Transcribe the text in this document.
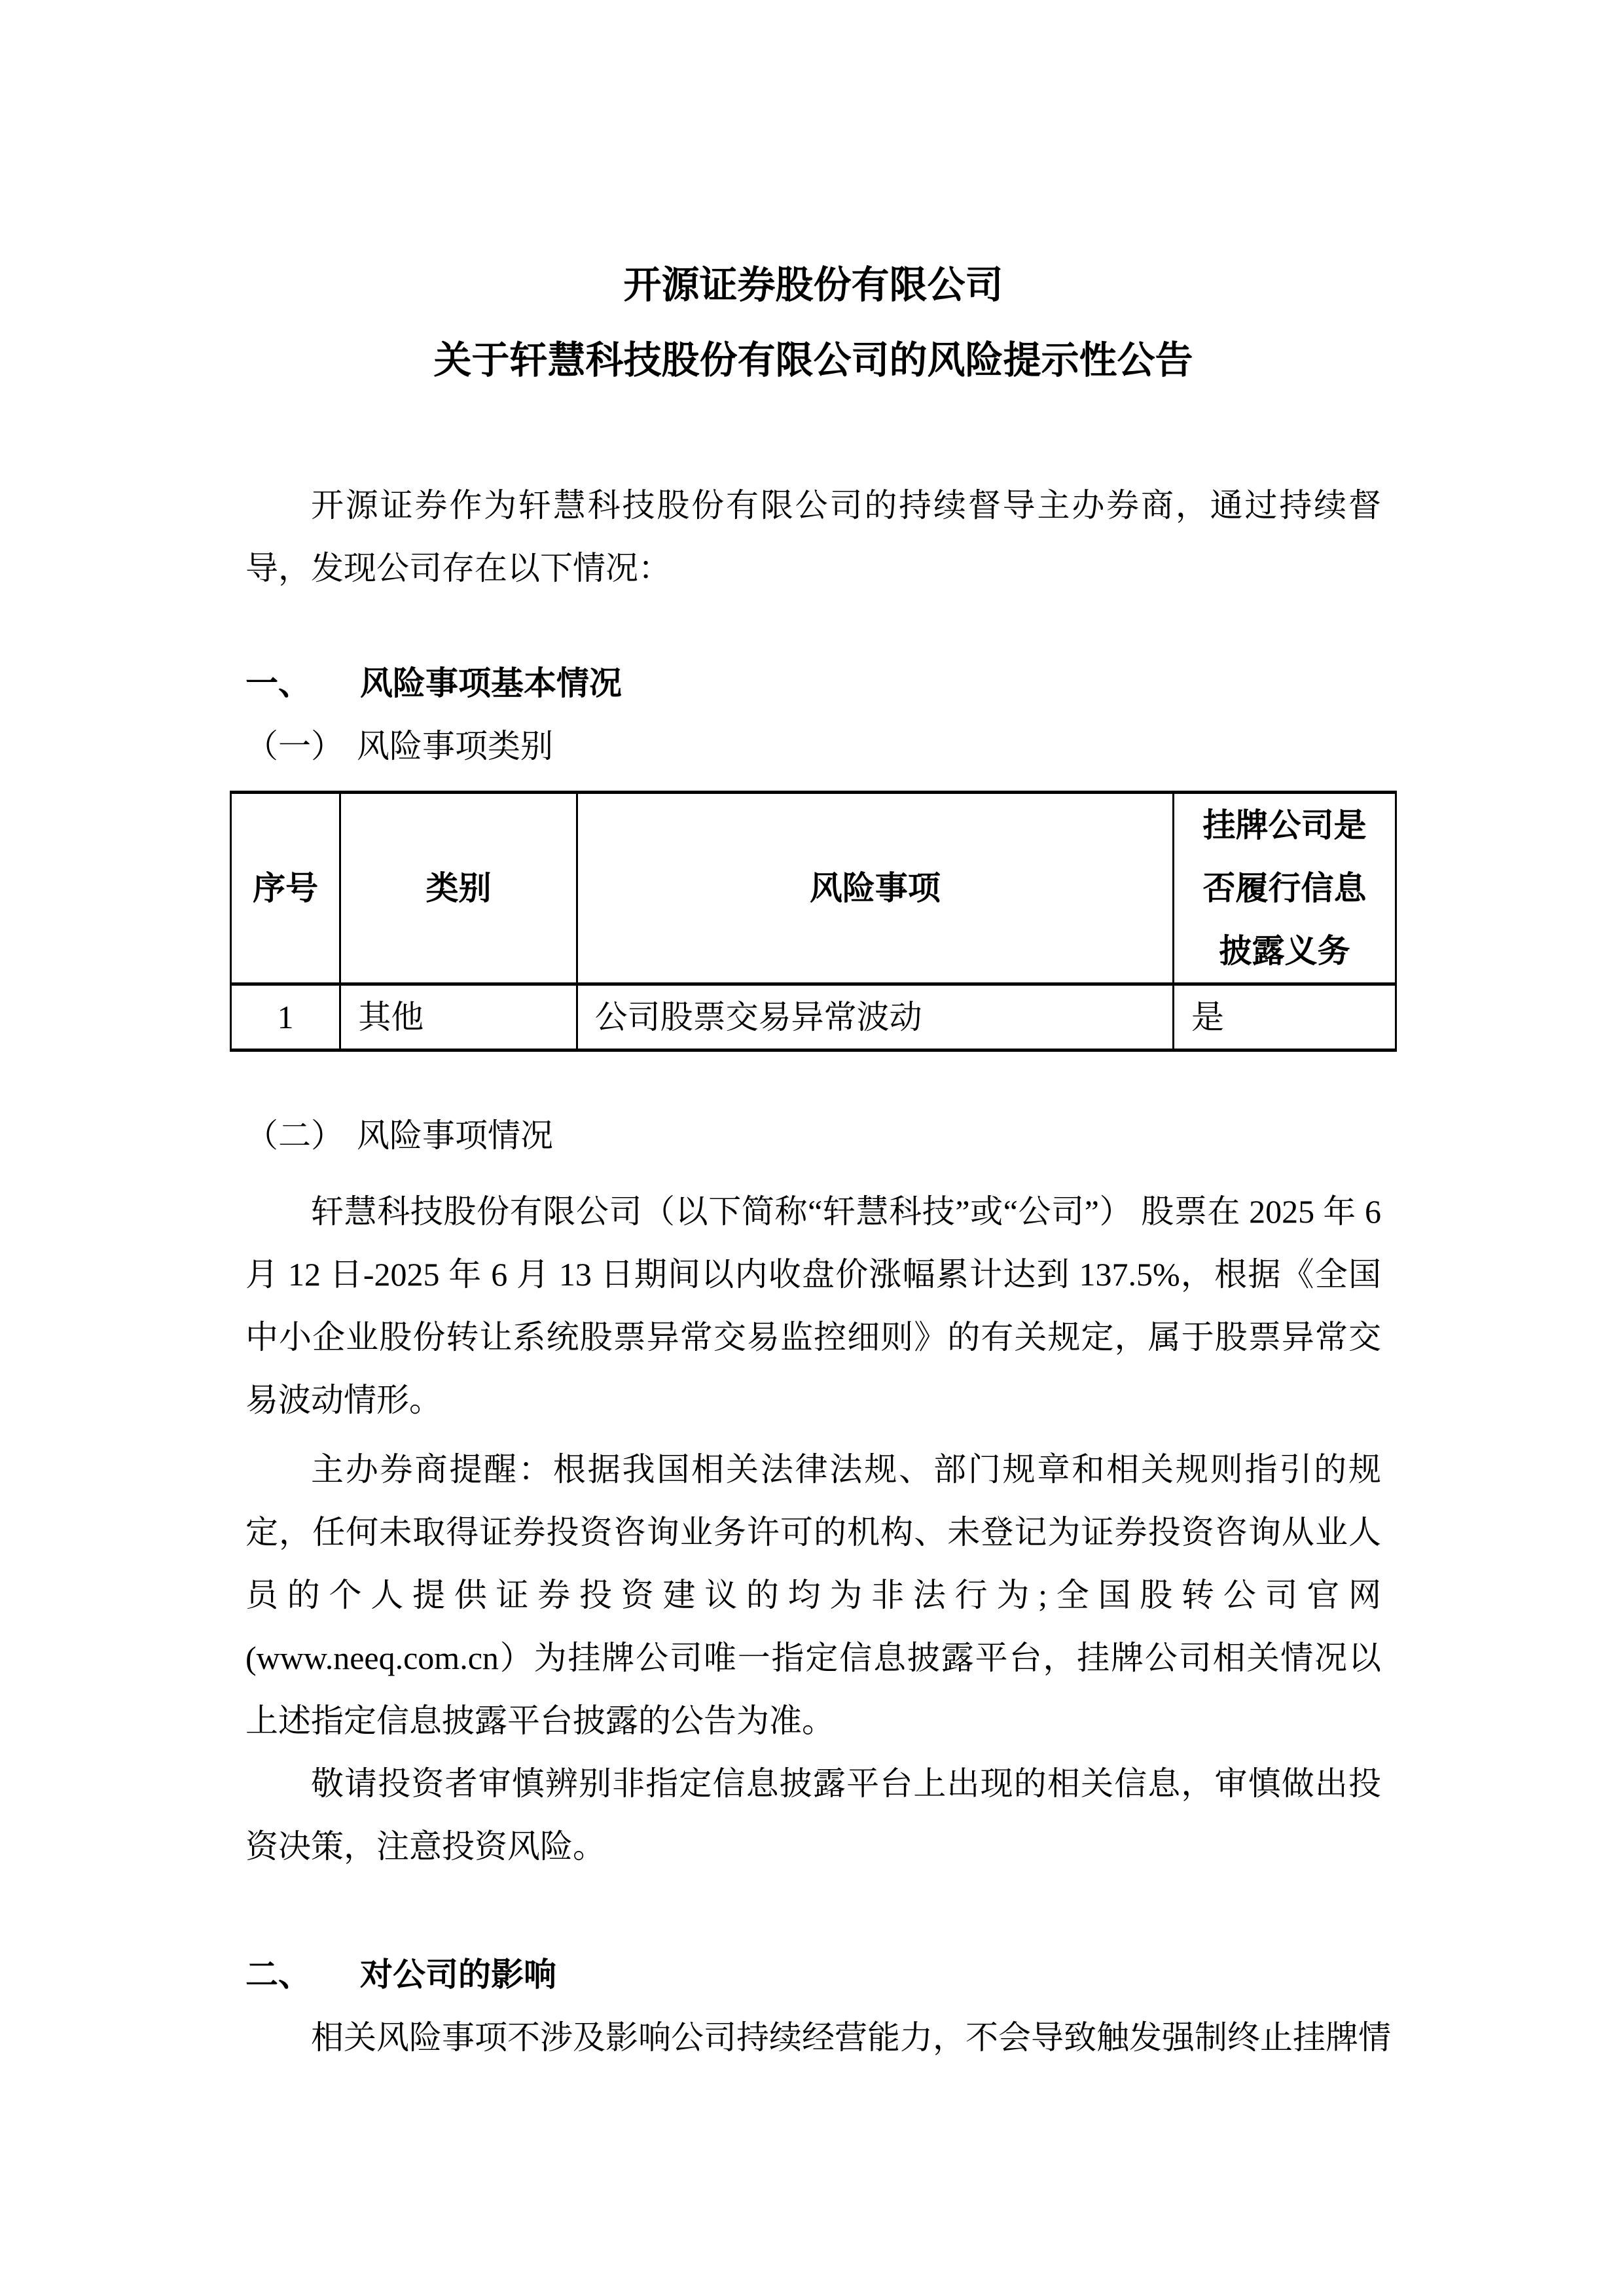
开源证券股份有限公司
关于轩慧科技股份有限公司的风险提示性公告

开源证券作为轩慧科技股份有限公司的持续督导主办券商，通过持续督导，发现公司存在以下情况：

一、 风险事项基本情况
（一） 风险事项类别
序号	类别	风险事项	挂牌公司是否履行信息披露义务
1	其他	公司股票交易异常波动	是
（二） 风险事项情况

轩慧科技股份有限公司（以下简称“轩慧科技”或“公司”） 股票在 2025 年 6 月 12 日-2025 年 6 月 13 日期间以内收盘价涨幅累计达到 137.5%，根据《全国中小企业股份转让系统股票异常交易监控细则》的有关规定，属于股票异常交易波动情形。

主办券商提醒：根据我国相关法律法规、部门规章和相关规则指引的规定，任何未取得证券投资咨询业务许可的机构、未登记为证券投资咨询从业人员的个人提供证券投资建议的均为非法行为;全国股转公司官网(www.neeq.com.cn）为挂牌公司唯一指定信息披露平台，挂牌公司相关情况以上述指定信息披露平台披露的公告为准。

敬请投资者审慎辨别非指定信息披露平台上出现的相关信息，审慎做出投资决策，注意投资风险。

二、 对公司的影响

相关风险事项不涉及影响公司持续经营能力，不会导致触发强制终止挂牌情
